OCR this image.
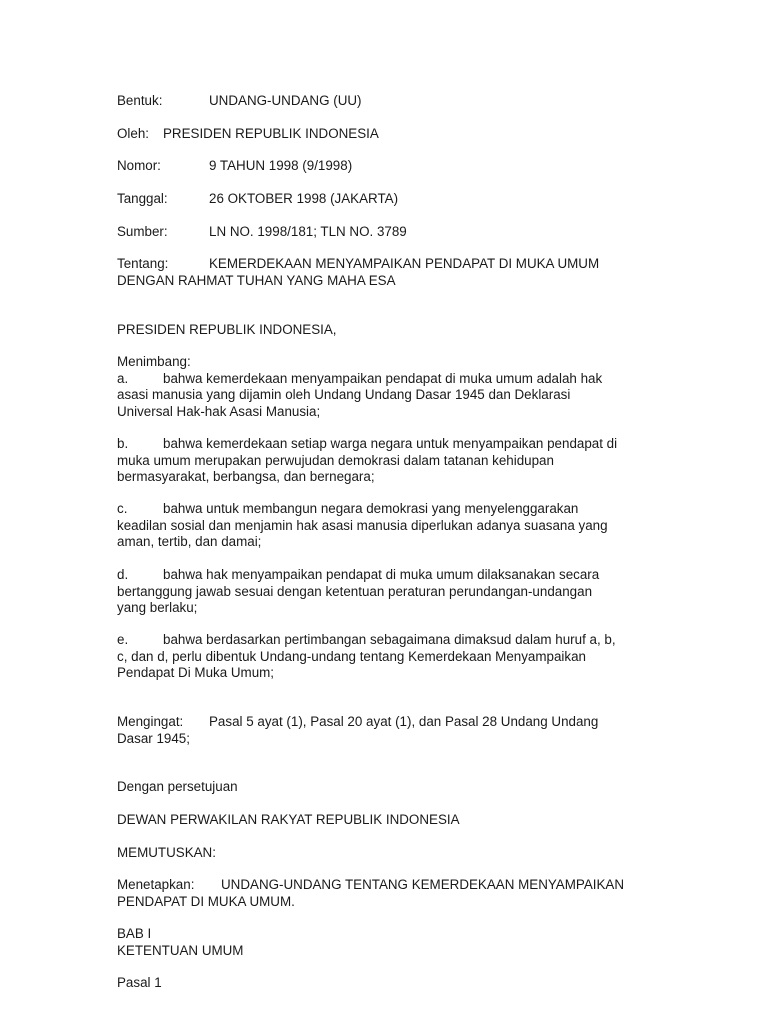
Bentuk:	UNDANG-UNDANG (UU)

Oleh: PRESIDEN REPUBLIK INDONESIA

Nomor:	9 TAHUN 1998 (9/1998)

Tanggal:	26 OKTOBER 1998 (JAKARTA)

Sumber:	LN NO. 1998/181; TLN NO. 3789

Tentang:	KEMERDEKAAN MENYAMPAIKAN PENDAPAT DI MUKA UMUM

DENGAN RAHMAT TUHAN YANG MAHA ESA

PRESIDEN REPUBLIK INDONESIA,

Menimbang:

a.	bahwa kemerdekaan menyampaikan pendapat di muka umum adalah hak

asasi manusia yang dijamin oleh Undang Undang Dasar 1945 dan Deklarasi

Universal Hak-hak Asasi Manusia;

b.	bahwa kemerdekaan setiap warga negara untuk menyampaikan pendapat di

muka umum merupakan perwujudan demokrasi dalam tatanan kehidupan

bermasyarakat, berbangsa, dan bernegara;

c.	bahwa untuk membangun negara demokrasi yang menyelenggarakan

keadilan sosial dan menjamin hak asasi manusia diperlukan adanya suasana yang

aman, tertib, dan damai;

d.	bahwa hak menyampaikan pendapat di muka umum dilaksanakan secara

bertanggung jawab sesuai dengan ketentuan peraturan perundangan-undangan

yang berlaku;

e.	bahwa berdasarkan pertimbangan sebagaimana dimaksud dalam huruf a, b,

c, dan d, perlu dibentuk Undang-undang tentang Kemerdekaan Menyampaikan

Pendapat Di Muka Umum;

Mengingat: Pasal 5 ayat (1), Pasal 20 ayat (1), dan Pasal 28 Undang Undang

Dasar 1945;

Dengan persetujuan

DEWAN PERWAKILAN RAKYAT REPUBLIK INDONESIA

MEMUTUSKAN:

Menetapkan: UNDANG-UNDANG TENTANG KEMERDEKAAN MENYAMPAIKAN

PENDAPAT DI MUKA UMUM.

BAB I

KETENTUAN UMUM

Pasal 1
